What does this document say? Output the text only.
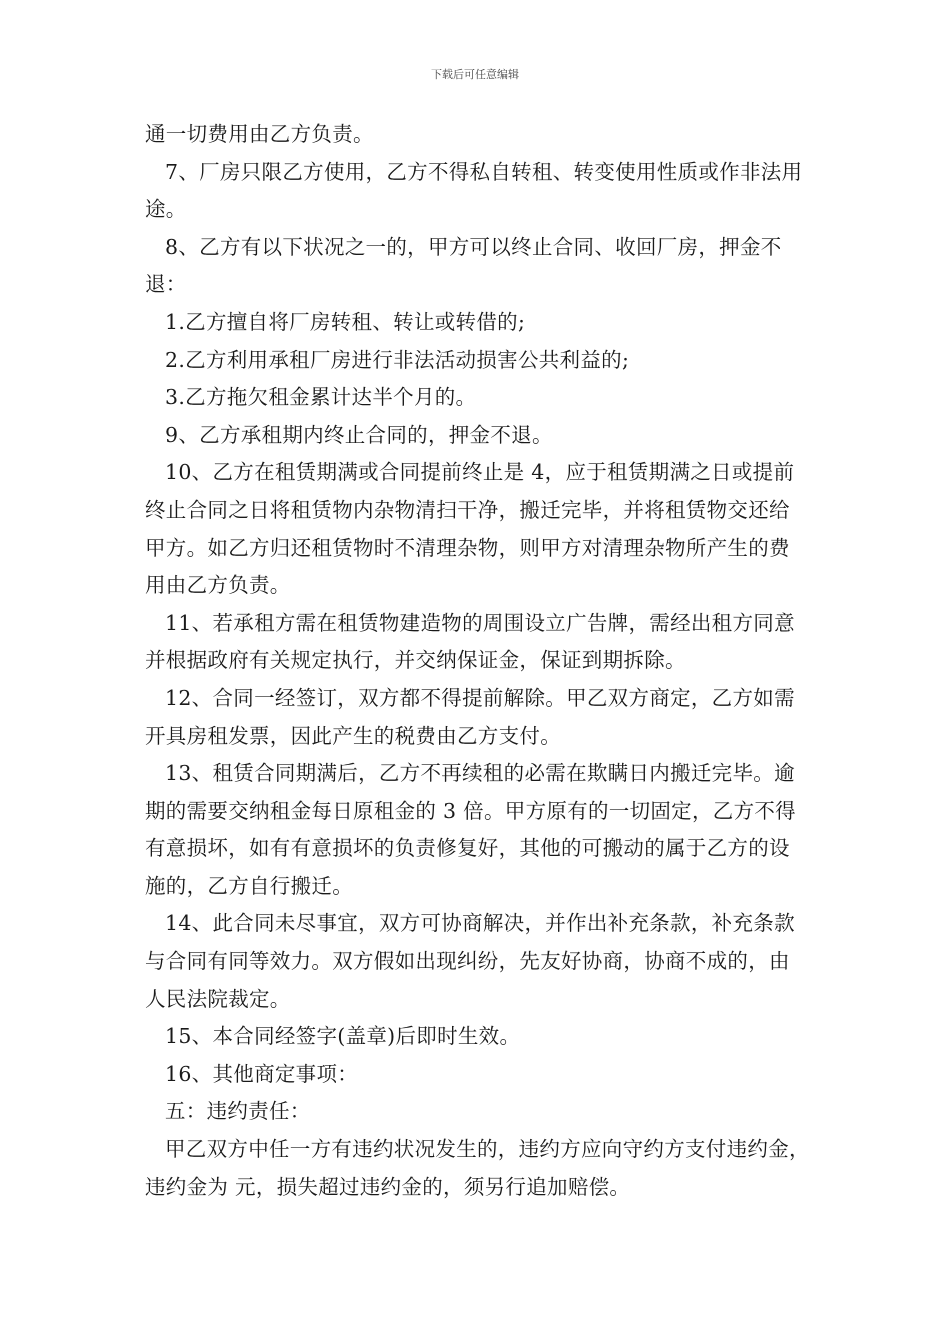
下载后可任意编辑

通一切费用由乙方负责。

7、厂房只限乙方使用，乙方不得私自转租、转变使用性质或作非法用途。

8、乙方有以下状况之一的，甲方可以终止合同、收回厂房，押金不退：

1.乙方擅自将厂房转租、转让或转借的;

2.乙方利用承租厂房进行非法活动损害公共利益的;

3.乙方拖欠租金累计达半个月的。

9、乙方承租期内终止合同的，押金不退。

10、乙方在租赁期满或合同提前终止是 4，应于租赁期满之日或提前终止合同之日将租赁物内杂物清扫干净，搬迁完毕，并将租赁物交还给甲方。如乙方归还租赁物时不清理杂物，则甲方对清理杂物所产生的费用由乙方负责。

11、若承租方需在租赁物建造物的周围设立广告牌，需经出租方同意并根据政府有关规定执行，并交纳保证金，保证到期拆除。

12、合同一经签订，双方都不得提前解除。甲乙双方商定，乙方如需开具房租发票，因此产生的税费由乙方支付。

13、租赁合同期满后，乙方不再续租的必需在欺瞒日内搬迁完毕。逾期的需要交纳租金每日原租金的 3 倍。甲方原有的一切固定，乙方不得有意损坏，如有有意损坏的负责修复好，其他的可搬动的属于乙方的设施的，乙方自行搬迁。

14、此合同未尽事宜，双方可协商解决，并作出补充条款，补充条款与合同有同等效力。双方假如出现纠纷，先友好协商，协商不成的，由人民法院裁定。

15、本合同经签字(盖章)后即时生效。

16、其他商定事项：

五：违约责任：

甲乙双方中任一方有违约状况发生的，违约方应向守约方支付违约金，违约金为 元，损失超过违约金的，须另行追加赔偿。
